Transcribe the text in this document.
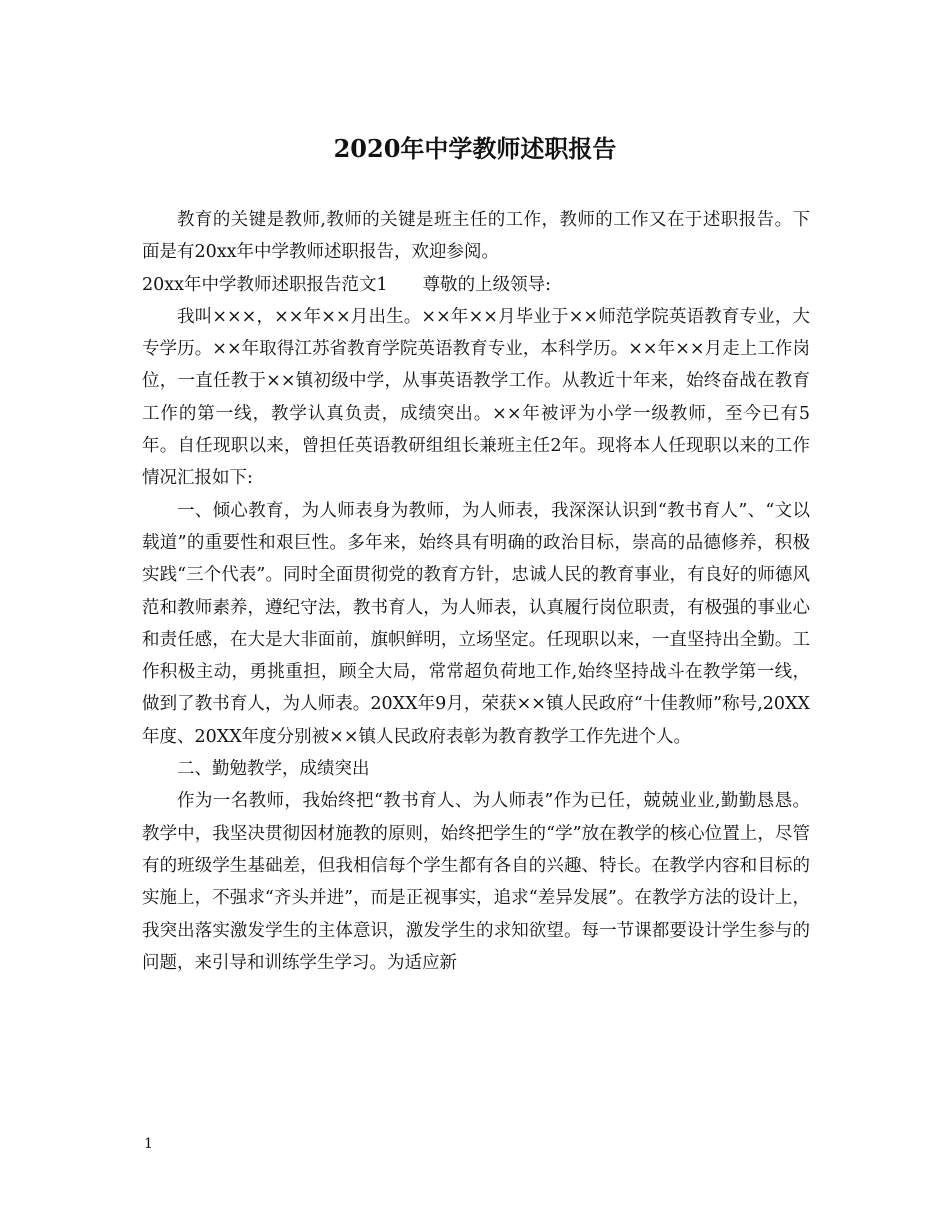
2020年中学教师述职报告

教育的关键是教师,教师的关键是班主任的工作，教师的工作又在于述职报告。下面是有20xx年中学教师述职报告，欢迎参阅。

20xx年中学教师述职报告范文1　　尊敬的上级领导:

我叫×××，××年××月出生。××年××月毕业于××师范学院英语教育专业，大专学历。××年取得江苏省教育学院英语教育专业，本科学历。××年××月走上工作岗位，一直任教于××镇初级中学，从事英语教学工作。从教近十年来，始终奋战在教育工作的第一线，教学认真负责，成绩突出。××年被评为小学一级教师，至今已有5年。自任现职以来，曾担任英语教研组组长兼班主任2年。现将本人任现职以来的工作情况汇报如下:

一、倾心教育，为人师表身为教师，为人师表，我深深认识到“教书育人”、“文以载道”的重要性和艰巨性。多年来，始终具有明确的政治目标，崇高的品德修养，积极实践“三个代表”。同时全面贯彻党的教育方针，忠诚人民的教育事业，有良好的师德风范和教师素养，遵纪守法，教书育人，为人师表，认真履行岗位职责，有极强的事业心和责任感，在大是大非面前，旗帜鲜明，立场坚定。任现职以来，一直坚持出全勤。工作积极主动，勇挑重担，顾全大局，常常超负荷地工作,始终坚持战斗在教学第一线，做到了教书育人，为人师表。20XX年9月，荣获××镇人民政府“十佳教师”称号,20XX年度、20XX年度分别被××镇人民政府表彰为教育教学工作先进个人。

二、勤勉教学，成绩突出

作为一名教师，我始终把“教书育人、为人师表”作为已任，兢兢业业,勤勤恳恳。教学中，我坚决贯彻因材施教的原则，始终把学生的“学”放在教学的核心位置上，尽管有的班级学生基础差，但我相信每个学生都有各自的兴趣、特长。在教学内容和目标的实施上，不强求“齐头并进”，而是正视事实，追求“差异发展”。在教学方法的设计上，我突出落实激发学生的主体意识，激发学生的求知欲望。每一节课都要设计学生参与的问题，来引导和训练学生学习。为适应新

1
